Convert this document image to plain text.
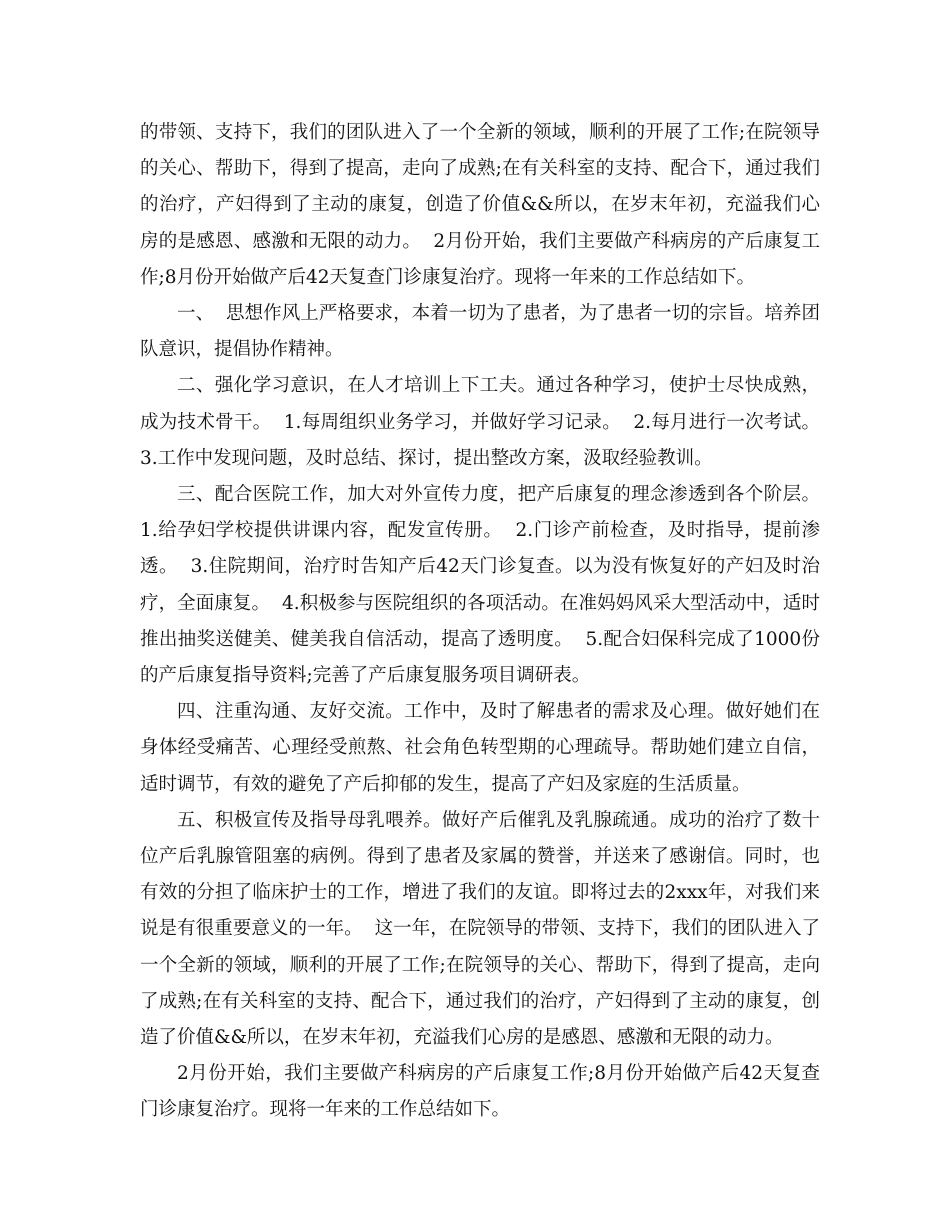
的带领、支持下，我们的团队进入了一个全新的领域，顺利的开展了工作;在院领导的关心、帮助下，得到了提高，走向了成熟;在有关科室的支持、配合下，通过我们的治疗，产妇得到了主动的康复，创造了价值&&所以，在岁末年初，充溢我们心房的是感恩、感激和无限的动力。  2月份开始，我们主要做产科病房的产后康复工作;8月份开始做产后42天复查门诊康复治疗。现将一年来的工作总结如下。

一、  思想作风上严格要求，本着一切为了患者，为了患者一切的宗旨。培养团队意识，提倡协作精神。

二、强化学习意识，在人才培训上下工夫。通过各种学习，使护士尽快成熟，成为技术骨干。  1.每周组织业务学习，并做好学习记录。  2.每月进行一次考试。  3.工作中发现问题，及时总结、探讨，提出整改方案，汲取经验教训。

三、配合医院工作，加大对外宣传力度，把产后康复的理念渗透到各个阶层。  1.给孕妇学校提供讲课内容，配发宣传册。  2.门诊产前检查，及时指导，提前渗透。  3.住院期间，治疗时告知产后42天门诊复查。以为没有恢复好的产妇及时治疗，全面康复。  4.积极参与医院组织的各项活动。在准妈妈风采大型活动中，适时推出抽奖送健美、健美我自信活动，提高了透明度。  5.配合妇保科完成了1000份的产后康复指导资料;完善了产后康复服务项目调研表。

四、注重沟通、友好交流。工作中，及时了解患者的需求及心理。做好她们在身体经受痛苦、心理经受煎熬、社会角色转型期的心理疏导。帮助她们建立自信，适时调节，有效的避免了产后抑郁的发生，提高了产妇及家庭的生活质量。

五、积极宣传及指导母乳喂养。做好产后催乳及乳腺疏通。成功的治疗了数十位产后乳腺管阻塞的病例。得到了患者及家属的赞誉，并送来了感谢信。同时，也有效的分担了临床护士的工作，增进了我们的友谊。即将过去的2xxx年，对我们来说是有很重要意义的一年。  这一年，在院领导的带领、支持下，我们的团队进入了一个全新的领域，顺利的开展了工作;在院领导的关心、帮助下，得到了提高，走向了成熟;在有关科室的支持、配合下，通过我们的治疗，产妇得到了主动的康复，创造了价值&&所以，在岁末年初，充溢我们心房的是感恩、感激和无限的动力。

2月份开始，我们主要做产科病房的产后康复工作;8月份开始做产后42天复查门诊康复治疗。现将一年来的工作总结如下。
